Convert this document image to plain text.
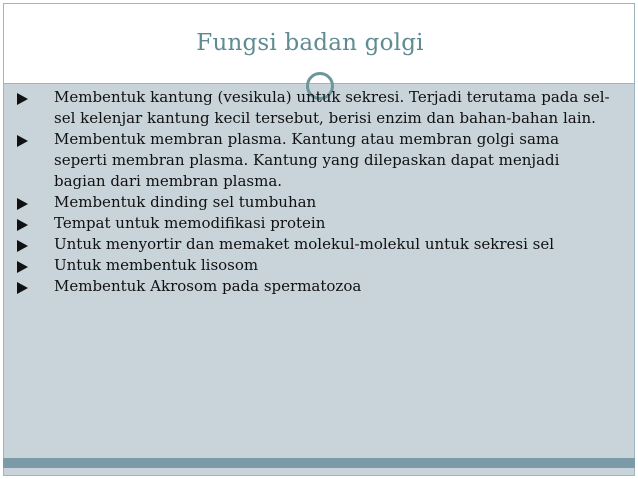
Fungsi badan golgi
Membentuk kantung (vesikula) untuk sekresi. Terjadi terutama pada sel-sel kelenjar kantung kecil tersebut, berisi enzim dan bahan-bahan lain.
Membentuk membran plasma. Kantung atau membran golgi sama seperti membran plasma. Kantung yang dilepaskan dapat menjadi bagian dari membran plasma.
Membentuk dinding sel tumbuhan
Tempat untuk memodifikasi protein
Untuk menyortir dan memaket molekul-molekul untuk sekresi sel
Untuk membentuk lisosom
Membentuk Akrosom pada spermatozoa
